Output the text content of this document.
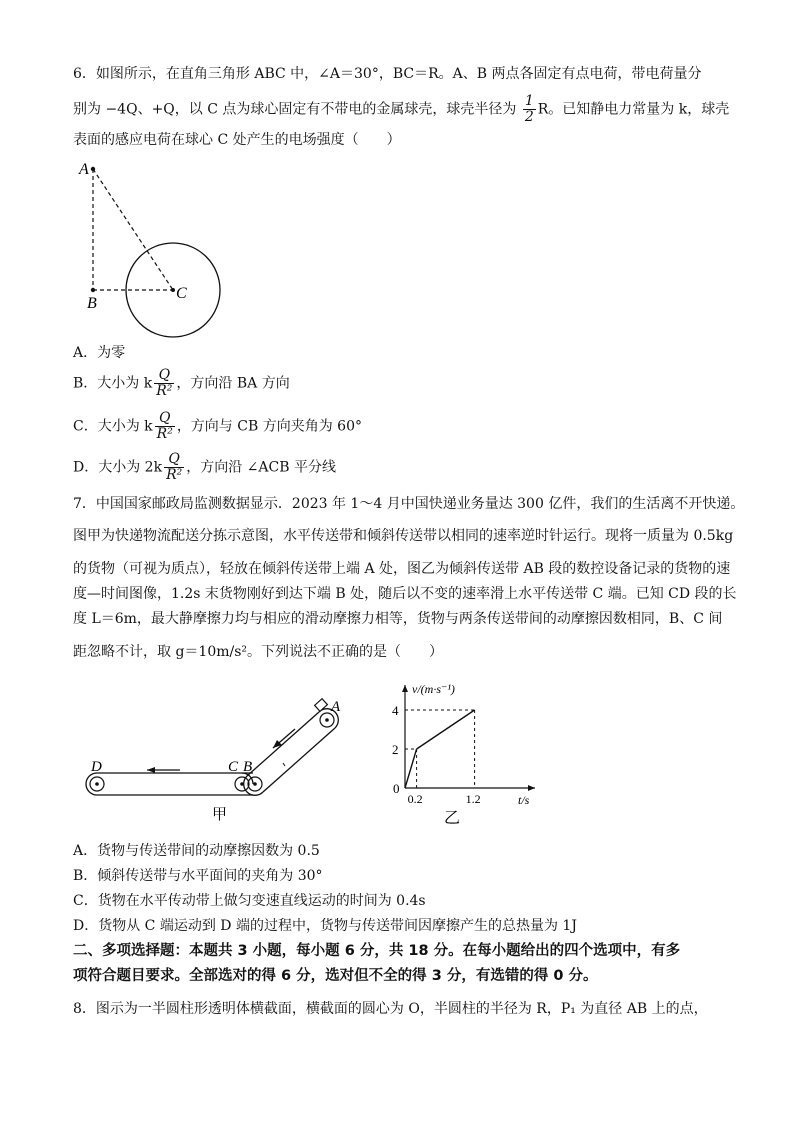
6．如图所示，在直角三角形 ABC 中，∠A＝30°，BC＝R。A、B 两点各固定有点电荷，带电荷量分
别为 −4Q、+Q，以 C 点为球心固定有不带电的金属球壳，球壳半径为 $\frac{1}{2}$ R。已知静电力常量为 k，球壳
表面的感应电荷在球心 C 处产生的电场强度（　　）
A
B
C
A．为零
B．大小为 k $\frac{Q}{\text{R²}}$ ，方向沿 BA 方向
C．大小为 k $\frac{Q}{\text{R²}}$ ，方向与 CB 方向夹角为 60°
D．大小为 $2k \frac{Q}{\text{R²}}$ ，方向沿 ∠ACB 平分线
7．中国国家邮政局监测数据显示．2023 年 1～4 月中国快递业务量达 300 亿件，我们的生活离不开快递。
图甲为快递物流配送分拣示意图，水平传送带和倾斜传送带以相同的速率逆时针运行。现将一质量为 0.5kg
的货物（可视为质点），轻放在倾斜传送带上端 A 处，图乙为倾斜传送带 AB 段的数控设备记录的货物的速
度—时间图像，1.2s 末货物刚好到达下端 B 处，随后以不变的速率滑上水平传送带 C 端。已知 CD 段的长
度 L＝6m，最大静摩擦力均与相应的滑动摩擦力相等，货物与两条传送带间的动摩擦因数相同，B、C 间
距忽略不计，取 g＝10m/s²。下列说法不正确的是（　　）
D	C B
A
甲
2
4
0.2	1.2
v/(m·s⁻¹)
t/s
0
乙
A．货物与传送带间的动摩擦因数为 0.5
B．倾斜传送带与水平面间的夹角为 30°
C．货物在水平传动带上做匀变速直线运动的时间为 0.4s
D．货物从 C 端运动到 D 端的过程中，货物与传送带间因摩擦产生的总热量为 1J
二、多项选择题：本题共 3 小题，每小题 6 分，共 18 分。在每小题给出的四个选项中，有多
项符合题目要求。全部选对的得 6 分，选对但不全的得 3 分，有选错的得 0 分。
8．图示为一半圆柱形透明体横截面，横截面的圆心为 O，半圆柱的半径为 R，P₁ 为直径 AB 上的点，
